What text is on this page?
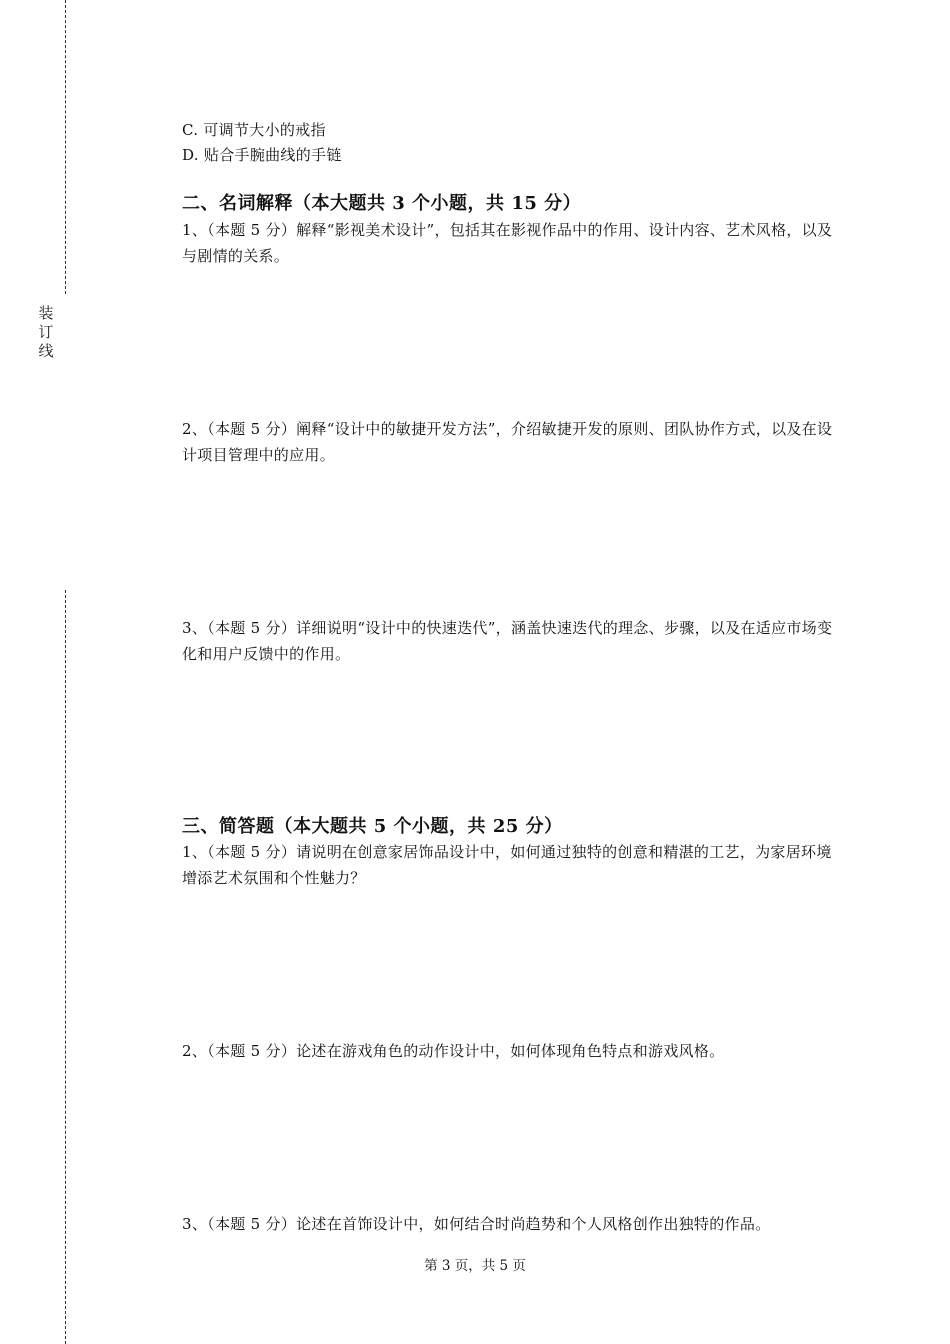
装
订
线
C. 可调节大小的戒指
D. 贴合手腕曲线的手链
二、名词解释（本大题共 3 个小题，共 15 分）
1、（本题 5 分）解释“影视美术设计”，包括其在影视作品中的作用、设计内容、艺术风格，以及与剧情的关系。
2、（本题 5 分）阐释“设计中的敏捷开发方法”，介绍敏捷开发的原则、团队协作方式，以及在设计项目管理中的应用。
3、（本题 5 分）详细说明“设计中的快速迭代”，涵盖快速迭代的理念、步骤，以及在适应市场变化和用户反馈中的作用。
三、简答题（本大题共 5 个小题，共 25 分）
1、（本题 5 分）请说明在创意家居饰品设计中，如何通过独特的创意和精湛的工艺，为家居环境增添艺术氛围和个性魅力？
2、（本题 5 分）论述在游戏角色的动作设计中，如何体现角色特点和游戏风格。
3、（本题 5 分）论述在首饰设计中，如何结合时尚趋势和个人风格创作出独特的作品。
第 3 页，共 5 页
